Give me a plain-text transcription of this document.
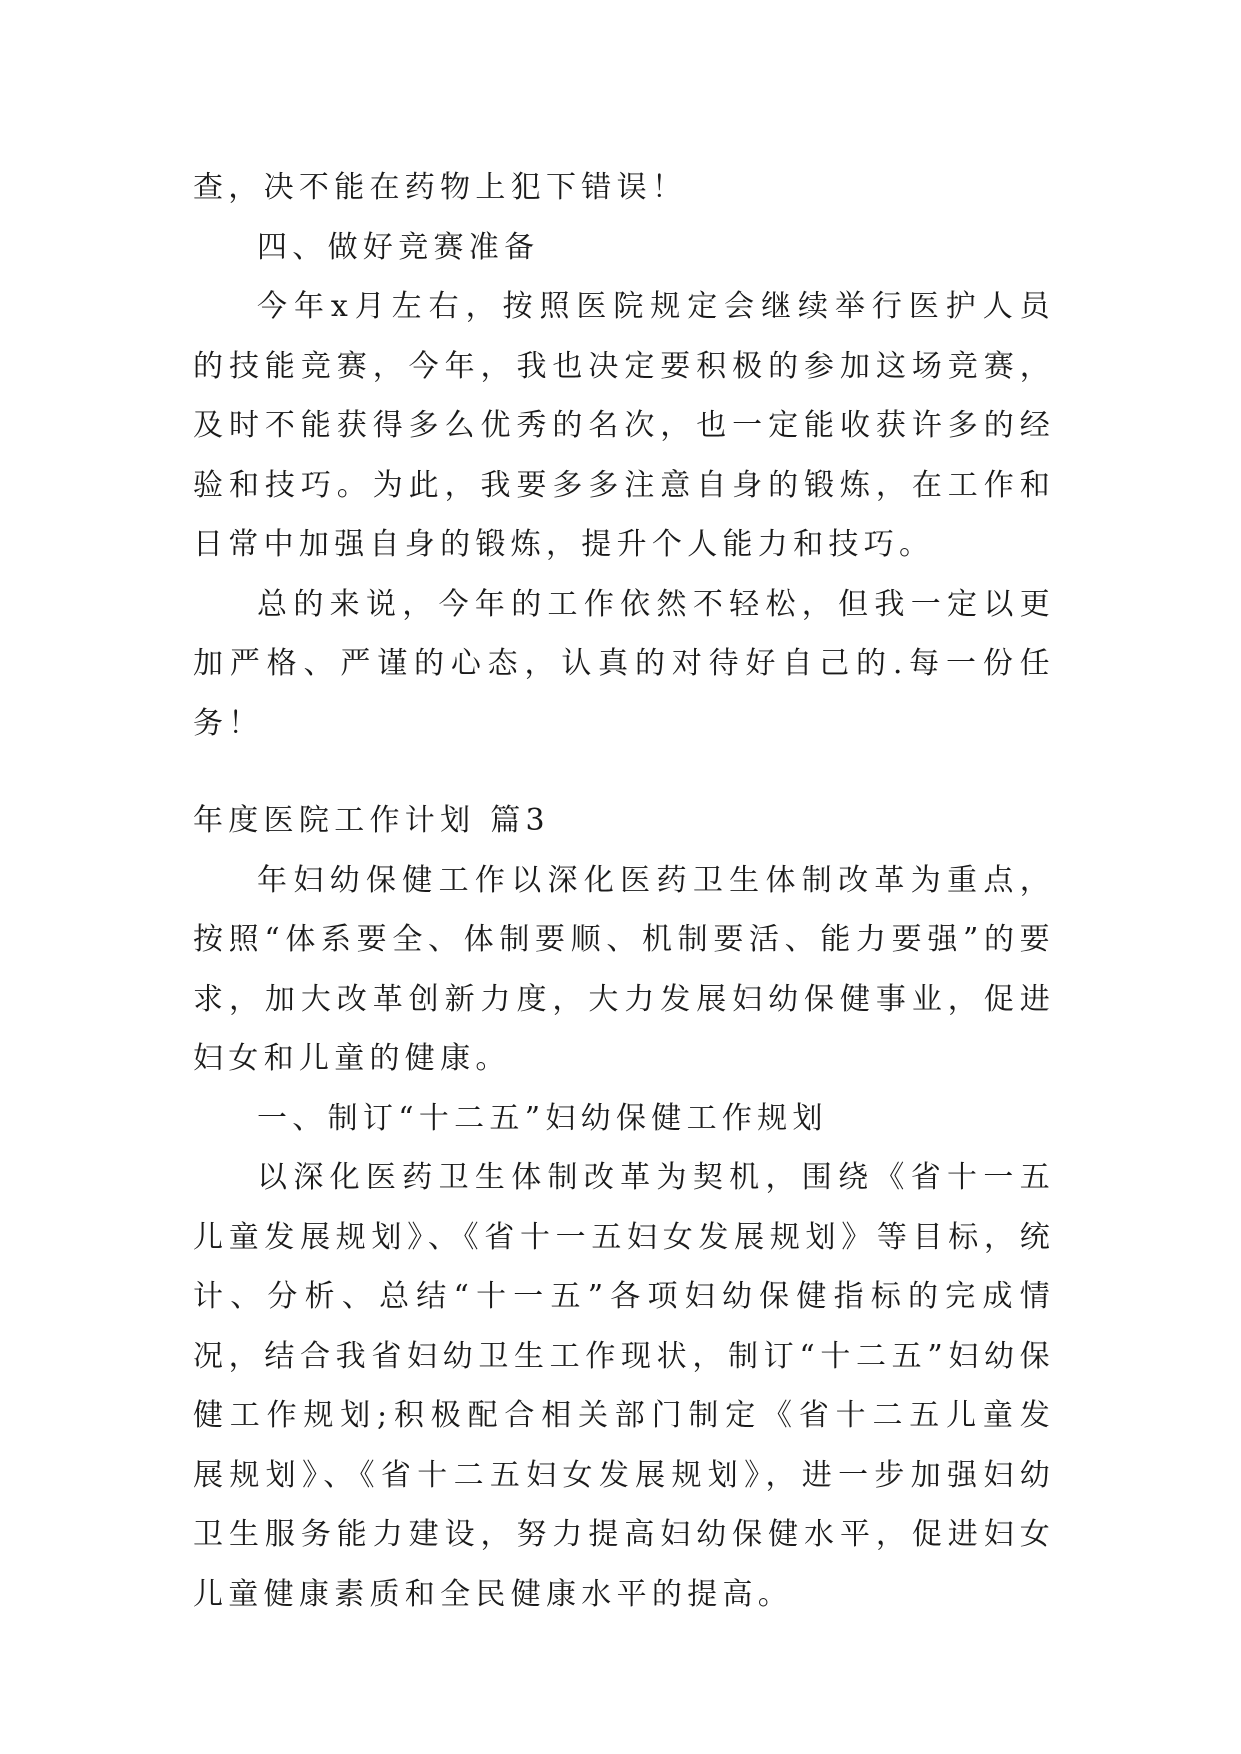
查，决不能在药物上犯下错误！

四、做好竞赛准备

今年x月左右，按照医院规定会继续举行医护人员的技能竞赛，今年，我也决定要积极的参加这场竞赛，及时不能获得多么优秀的名次，也一定能收获许多的经验和技巧。为此，我要多多注意自身的锻炼，在工作和日常中加强自身的锻炼，提升个人能力和技巧。

总的来说，今年的工作依然不轻松，但我一定以更加严格、严谨的心态，认真的对待好自己的.每一份任务！

年度医院工作计划 篇3

年妇幼保健工作以深化医药卫生体制改革为重点，按照“体系要全、体制要顺、机制要活、能力要强”的要求，加大改革创新力度，大力发展妇幼保健事业，促进妇女和儿童的健康。

一、制订“十二五”妇幼保健工作规划

以深化医药卫生体制改革为契机，围绕《省十一五儿童发展规划》、《省十一五妇女发展规划》等目标，统计、分析、总结“十一五”各项妇幼保健指标的完成情况，结合我省妇幼卫生工作现状，制订“十二五”妇幼保健工作规划;积极配合相关部门制定《省十二五儿童发展规划》、《省十二五妇女发展规划》，进一步加强妇幼卫生服务能力建设，努力提高妇幼保健水平，促进妇女儿童健康素质和全民健康水平的提高。
